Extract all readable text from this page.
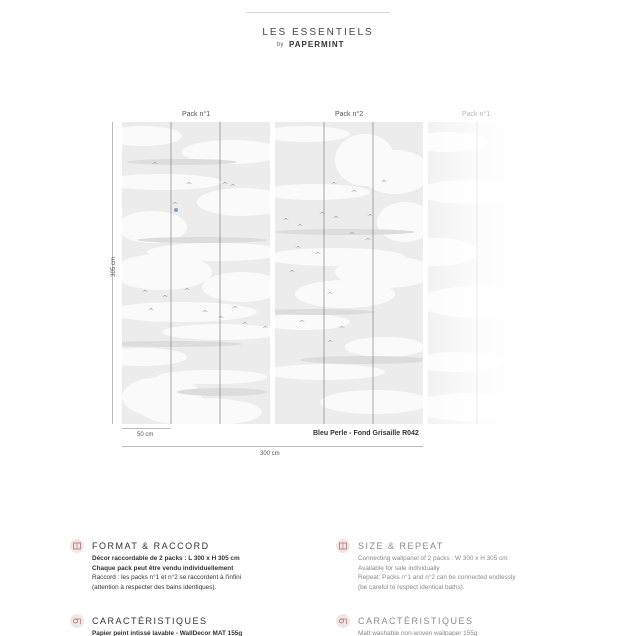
LES ESSENTIELS
by PAPERMINT
Pack n°1	Pack n°2	Pack n°1
305 cm
50 cm	Bleu Perle - Fond Grisaille R042
300 cm
FORMAT & RACCORD
Décor raccordable de 2 packs : L 300 x H 305 cm
Chaque pack peut être vendu individuellement
Raccord : les packs n°1 et n°2 se raccordent à l'infini
(attention à respecter des bains identiques).
SIZE & REPEAT
Connecting wallpanel of 2 packs : W 300 x H 305 cm
Available for sale individually
Repeat: Packs n°1 and n°2 can be connected endlessly
(be careful to respect identical baths).
CARACTÉRISTIQUES
Papier peint intissé lavable - WallDecor MAT 155g
CARACTÉRISTIQUES
Matt washable non-woven wallpaper 155g
